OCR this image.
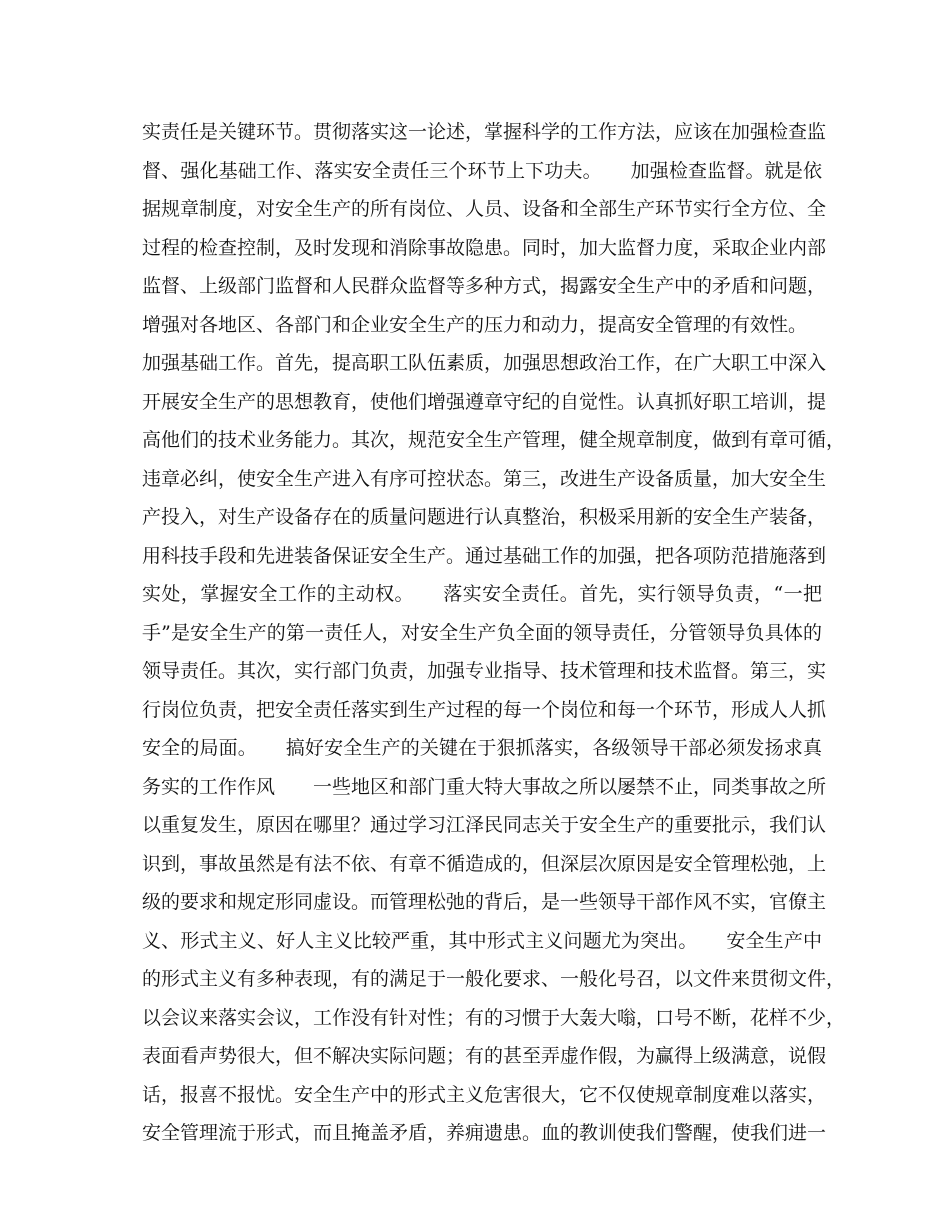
实责任是关键环节。贯彻落实这一论述，掌握科学的工作方法，应该在加强检查监
督、强化基础工作、落实安全责任三个环节上下功夫。　　加强检查监督。就是依
据规章制度，对安全生产的所有岗位、人员、设备和全部生产环节实行全方位、全
过程的检查控制，及时发现和消除事故隐患。同时，加大监督力度，采取企业内部
监督、上级部门监督和人民群众监督等多种方式，揭露安全生产中的矛盾和问题，
增强对各地区、各部门和企业安全生产的压力和动力，提高安全管理的有效性。
加强基础工作。首先，提高职工队伍素质，加强思想政治工作，在广大职工中深入
开展安全生产的思想教育，使他们增强遵章守纪的自觉性。认真抓好职工培训，提
高他们的技术业务能力。其次，规范安全生产管理，健全规章制度，做到有章可循，
违章必纠，使安全生产进入有序可控状态。第三，改进生产设备质量，加大安全生
产投入，对生产设备存在的质量问题进行认真整治，积极采用新的安全生产装备，
用科技手段和先进装备保证安全生产。通过基础工作的加强，把各项防范措施落到
实处，掌握安全工作的主动权。　　落实安全责任。首先，实行领导负责，“一把
手”是安全生产的第一责任人，对安全生产负全面的领导责任，分管领导负具体的
领导责任。其次，实行部门负责，加强专业指导、技术管理和技术监督。第三，实
行岗位负责，把安全责任落实到生产过程的每一个岗位和每一个环节，形成人人抓
安全的局面。　　搞好安全生产的关键在于狠抓落实，各级领导干部必须发扬求真
务实的工作作风　　一些地区和部门重大特大事故之所以屡禁不止，同类事故之所
以重复发生，原因在哪里？通过学习江泽民同志关于安全生产的重要批示，我们认
识到，事故虽然是有法不依、有章不循造成的，但深层次原因是安全管理松弛，上
级的要求和规定形同虚设。而管理松弛的背后，是一些领导干部作风不实，官僚主
义、形式主义、好人主义比较严重，其中形式主义问题尤为突出。　　安全生产中
的形式主义有多种表现，有的满足于一般化要求、一般化号召，以文件来贯彻文件，
以会议来落实会议，工作没有针对性；有的习惯于大轰大嗡，口号不断，花样不少，
表面看声势很大，但不解决实际问题；有的甚至弄虚作假，为赢得上级满意，说假
话，报喜不报忧。安全生产中的形式主义危害很大，它不仅使规章制度难以落实，
安全管理流于形式，而且掩盖矛盾，养痈遗患。血的教训使我们警醒，使我们进一
